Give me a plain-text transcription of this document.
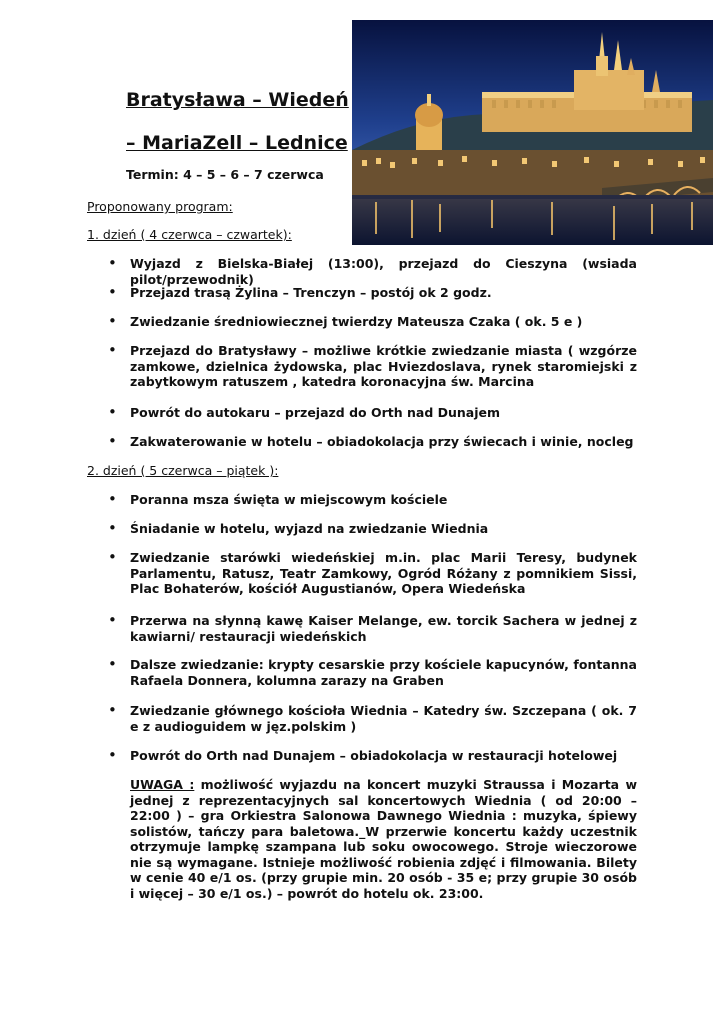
Bratysława – Wiedeń
– MariaZell – Lednice
Termin: 4 – 5 – 6 – 7 czerwca
Proponowany program:
1. dzień ( 4 czerwca – czwartek):
• Wyjazd z Bielska-Białej (13:00), przejazd do Cieszyna (wsiada pilot/przewodnik)
• Przejazd trasą Żylina – Trenczyn – postój ok 2 godz.
• Zwiedzanie średniowiecznej twierdzy Mateusza Czaka ( ok. 5 e )
• Przejazd do Bratysławy – możliwe krótkie zwiedzanie miasta ( wzgórze zamkowe, dzielnica żydowska, plac Hviezdoslava, rynek staromiejski z zabytkowym ratuszem , katedra koronacyjna św. Marcina
• Powrót do autokaru – przejazd do Orth nad Dunajem
• Zakwaterowanie w hotelu – obiadokolacja przy świecach i winie, nocleg
2. dzień ( 5 czerwca – piątek ):
• Poranna msza święta w miejscowym kościele
• Śniadanie w hotelu, wyjazd na zwiedzanie Wiednia
• Zwiedzanie starówki wiedeńskiej m.in. plac Marii Teresy, budynek Parlamentu, Ratusz, Teatr Zamkowy, Ogród Różany z pomnikiem Sissi, Plac Bohaterów, kościół Augustianów, Opera Wiedeńska
• Przerwa na słynną kawę Kaiser Melange, ew. torcik Sachera w jednej z kawiarni/ restauracji wiedeńskich
• Dalsze zwiedzanie: krypty cesarskie przy kościele kapucynów, fontanna Rafaela Donnera, kolumna zarazy na Graben
• Zwiedzanie głównego kościoła Wiednia – Katedry św. Szczepana ( ok. 7 e z audioguidem w jęz.polskim )
• Powrót do Orth nad Dunajem – obiadokolacja w restauracji hotelowej
UWAGA : możliwość wyjazdu na koncert muzyki Straussa i Mozarta w jednej z reprezentacyjnych sal koncertowych Wiednia ( od 20:00 – 22:00 ) – gra Orkiestra Salonowa Dawnego Wiednia : muzyka, śpiewy solistów, tańczy para baletowa._W przerwie koncertu każdy uczestnik otrzymuje lampkę szampana lub soku owocowego. Stroje wieczorowe nie są wymagane. Istnieje możliwość robienia zdjęć i filmowania. Bilety w cenie 40 e/1 os. (przy grupie min. 20 osób - 35 e; przy grupie 30 osób i więcej – 30 e/1 os.) – powrót do hotelu ok. 23:00.
